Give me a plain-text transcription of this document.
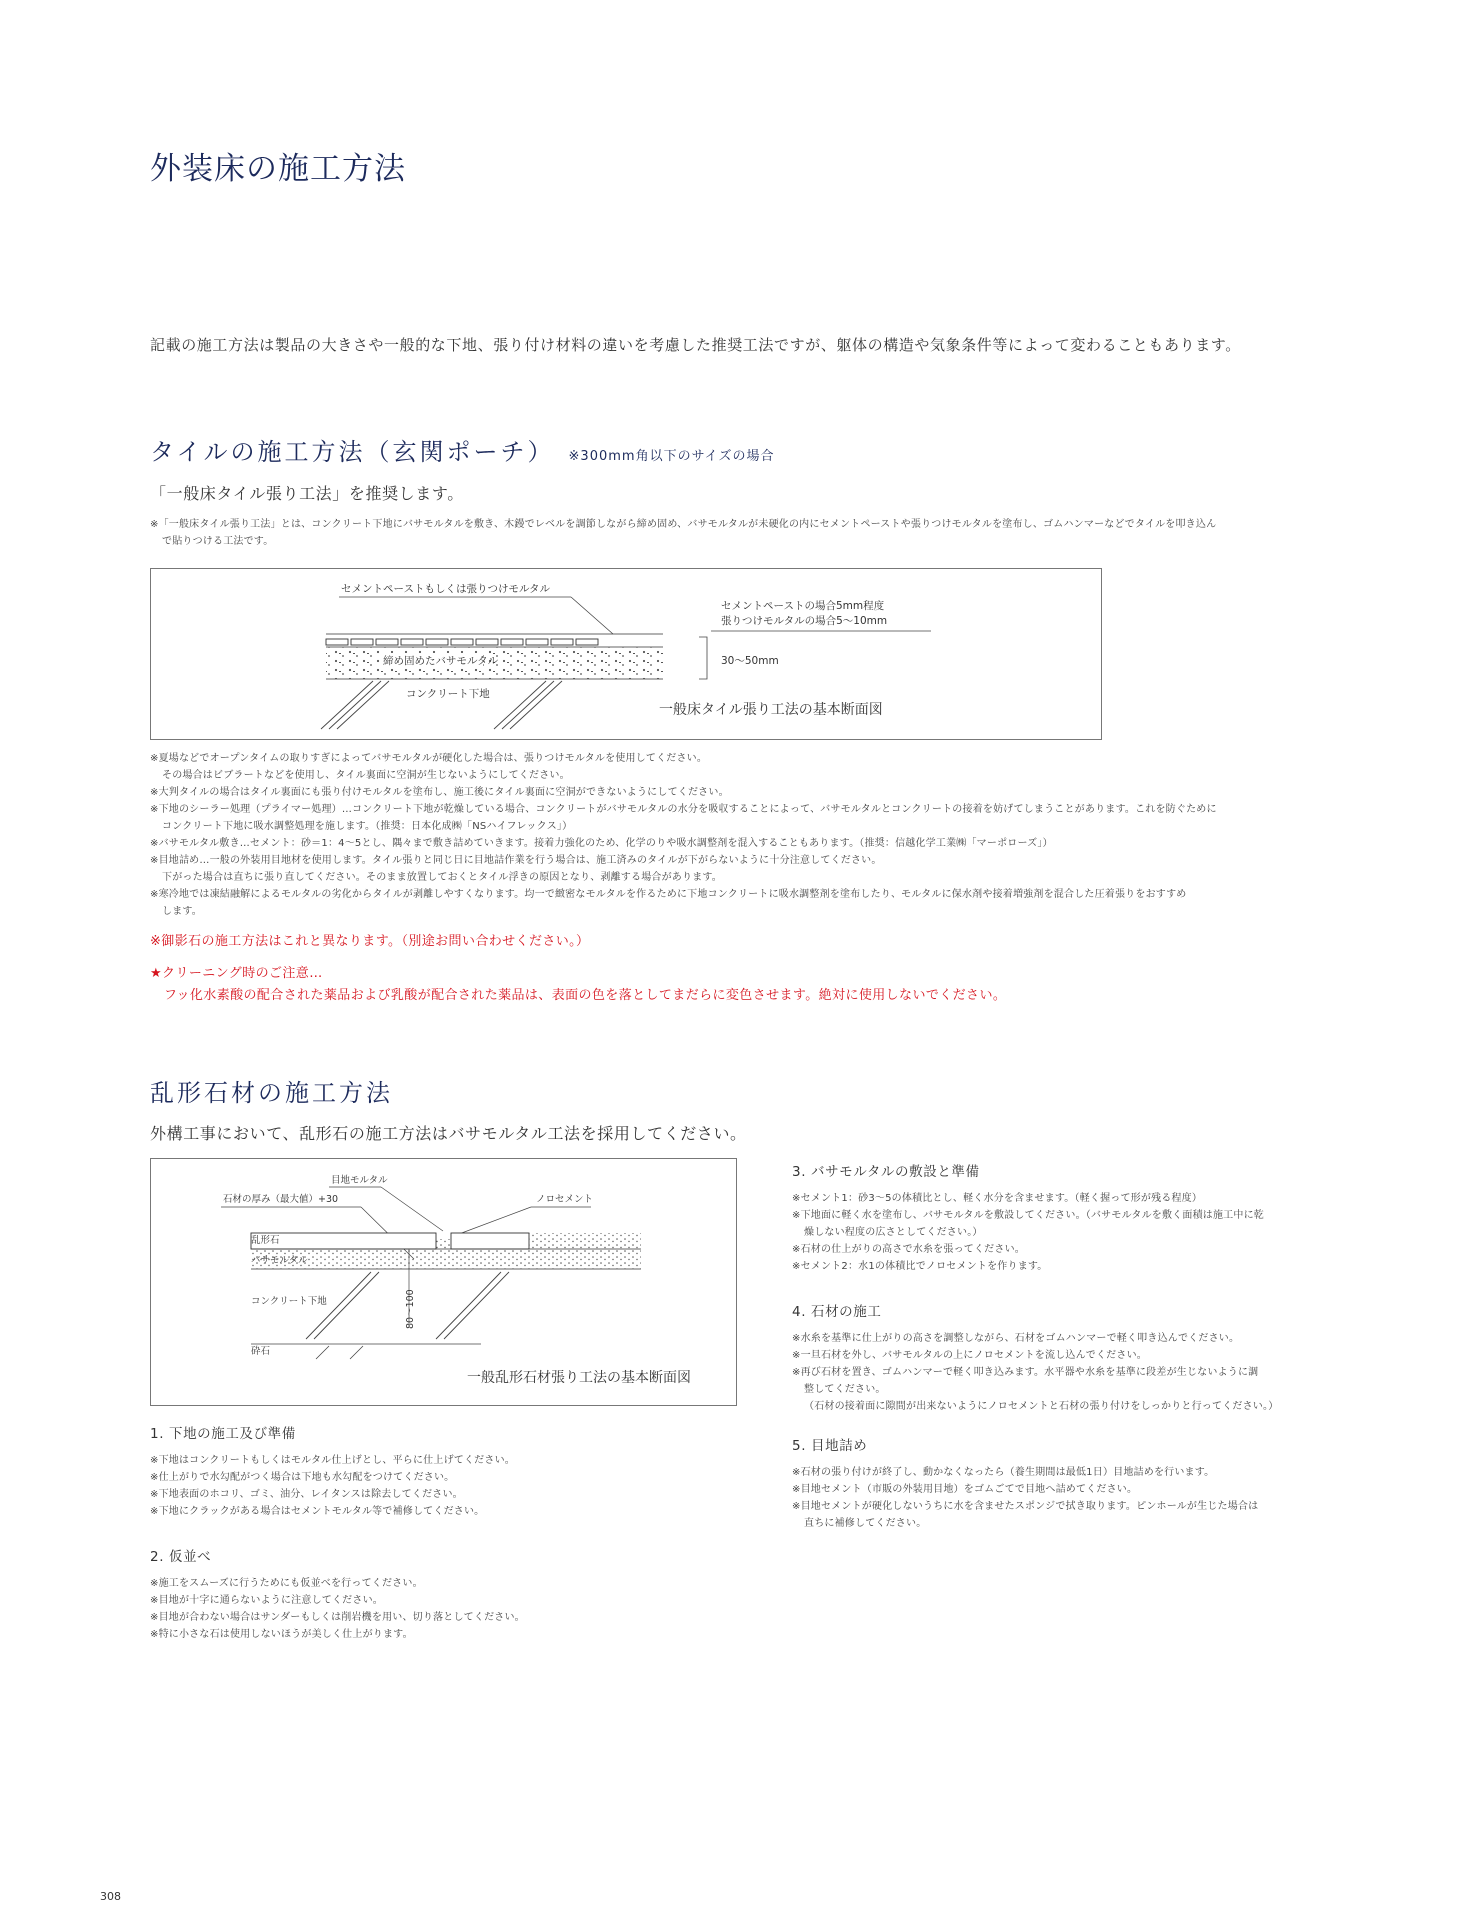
外装床の施工方法
記載の施工方法は製品の大きさや一般的な下地、張り付け材料の違いを考慮した推奨工法ですが、躯体の構造や気象条件等によって変わることもあります。
タイルの施工方法（玄関ポーチ） ※300mm角以下のサイズの場合
「一般床タイル張り工法」を推奨します。

※「一般床タイル張り工法」とは、コンクリート下地にバサモルタルを敷き、木鏝でレベルを調節しながら締め固め、バサモルタルが未硬化の内にセメントペーストや張りつけモルタルを塗布し、ゴムハンマーなどでタイルを叩き込ん

で貼りつける工法です。

セメントペーストもしくは張りつけモルタル
締め固めたバサモルタル
コンクリート下地
セメントペーストの場合5mm程度
張りつけモルタルの場合5〜10mm
30〜50mm
一般床タイル張り工法の基本断面図

※夏場などでオープンタイムの取りすぎによってバサモルタルが硬化した場合は、張りつけモルタルを使用してください。

その場合はビブラートなどを使用し、タイル裏面に空洞が生じないようにしてください。

※大判タイルの場合はタイル裏面にも張り付けモルタルを塗布し、施工後にタイル裏面に空洞ができないようにしてください。

※下地のシーラー処理（プライマー処理）…コンクリート下地が乾燥している場合、コンクリートがバサモルタルの水分を吸収することによって、バサモルタルとコンクリートの接着を妨げてしまうことがあります。これを防ぐために

コンクリート下地に吸水調整処理を施します。（推奨：日本化成㈱「NSハイフレックス」）

※バサモルタル敷き…セメント：砂＝1：4〜5とし、隅々まで敷き詰めていきます。接着力強化のため、化学のりや吸水調整剤を混入することもあります。（推奨：信越化学工業㈱「マーポローズ」）

※目地詰め…一般の外装用目地材を使用します。タイル張りと同じ日に目地詰作業を行う場合は、施工済みのタイルが下がらないように十分注意してください。

下がった場合は直ちに張り直してください。そのまま放置しておくとタイル浮きの原因となり、剥離する場合があります。

※寒冷地では凍結融解によるモルタルの劣化からタイルが剥離しやすくなります。均一で緻密なモルタルを作るために下地コンクリートに吸水調整剤を塗布したり、モルタルに保水剤や接着増強剤を混合した圧着張りをおすすめ

します。

※御影石の施工方法はこれと異なります。（別途お問い合わせください。）
★クリーニング時のご注意…
フッ化水素酸の配合された薬品および乳酸が配合された薬品は、表面の色を落としてまだらに変色させます。絶対に使用しないでください。
乱形石材の施工方法
外構工事において、乱形石の施工方法はバサモルタル工法を採用してください。
目地モルタル
石材の厚み（最大値）+30	ノロセメント
乱形石
バサモルタル
80〜100
コンクリート下地
砕石
一般乱形石材張り工法の基本断面図
1. 下地の施工及び準備

※下地はコンクリートもしくはモルタル仕上げとし、平らに仕上げてください。

※仕上がりで水勾配がつく場合は下地も水勾配をつけてください。

※下地表面のホコリ、ゴミ、油分、レイタンスは除去してください。

※下地にクラックがある場合はセメントモルタル等で補修してください。

2. 仮並べ

※施工をスムーズに行うためにも仮並べを行ってください。

※目地が十字に通らないように注意してください。

※目地が合わない場合はサンダーもしくは削岩機を用い、切り落としてください。

※特に小さな石は使用しないほうが美しく仕上がります。

3. バサモルタルの敷設と準備

※セメント1：砂3〜5の体積比とし、軽く水分を含ませます。（軽く握って形が残る程度）

※下地面に軽く水を塗布し、バサモルタルを敷設してください。（バサモルタルを敷く面積は施工中に乾

燥しない程度の広さとしてください。）

※石材の仕上がりの高さで水糸を張ってください。

※セメント2：水1の体積比でノロセメントを作ります。

4. 石材の施工

※水糸を基準に仕上がりの高さを調整しながら、石材をゴムハンマーで軽く叩き込んでください。

※一旦石材を外し、バサモルタルの上にノロセメントを流し込んでください。

※再び石材を置き、ゴムハンマーで軽く叩き込みます。水平器や水糸を基準に段差が生じないように調

整してください。

（石材の接着面に隙間が出来ないようにノロセメントと石材の張り付けをしっかりと行ってください。）

5. 目地詰め

※石材の張り付けが終了し、動かなくなったら（養生期間は最低1日）目地詰めを行います。

※目地セメント（市販の外装用目地）をゴムごてで目地へ詰めてください。

※目地セメントが硬化しないうちに水を含ませたスポンジで拭き取ります。ピンホールが生じた場合は

直ちに補修してください。

308
